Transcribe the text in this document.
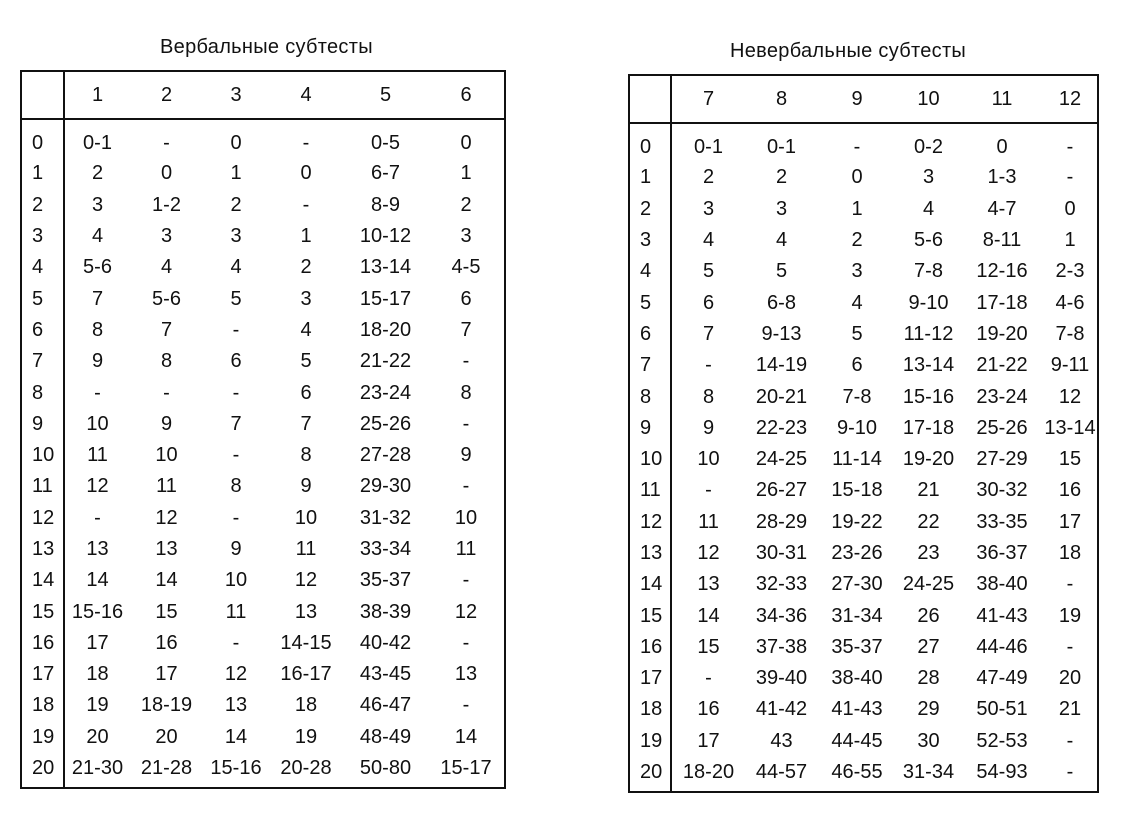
Вербальные субтесты
	1	2	3	4	5	6
0	0-1	-	0	-	0-5	0
1	2	0	1	0	6-7	1
2	3	1-2	2	-	8-9	2
3	4	3	3	1	10-12	3
4	5-6	4	4	2	13-14	4-5
5	7	5-6	5	3	15-17	6
6	8	7	-	4	18-20	7
7	9	8	6	5	21-22	-
8	-	-	-	6	23-24	8
9	10	9	7	7	25-26	-
10	11	10	-	8	27-28	9
11	12	11	8	9	29-30	-
12	-	12	-	10	31-32	10
13	13	13	9	11	33-34	11
14	14	14	10	12	35-37	-
15	15-16	15	11	13	38-39	12
16	17	16	-	14-15	40-42	-
17	18	17	12	16-17	43-45	13
18	19	18-19	13	18	46-47	-
19	20	20	14	19	48-49	14
20	21-30	21-28	15-16	20-28	50-80	15-17
Невербальные субтесты
	7	8	9	10	11	12
0	0-1	0-1	-	0-2	0	-
1	2	2	0	3	1-3	-
2	3	3	1	4	4-7	0
3	4	4	2	5-6	8-11	1
4	5	5	3	7-8	12-16	2-3
5	6	6-8	4	9-10	17-18	4-6
6	7	9-13	5	11-12	19-20	7-8
7	-	14-19	6	13-14	21-22	9-11
8	8	20-21	7-8	15-16	23-24	12
9	9	22-23	9-10	17-18	25-26	13-14
10	10	24-25	11-14	19-20	27-29	15
11	-	26-27	15-18	21	30-32	16
12	11	28-29	19-22	22	33-35	17
13	12	30-31	23-26	23	36-37	18
14	13	32-33	27-30	24-25	38-40	-
15	14	34-36	31-34	26	41-43	19
16	15	37-38	35-37	27	44-46	-
17	-	39-40	38-40	28	47-49	20
18	16	41-42	41-43	29	50-51	21
19	17	43	44-45	30	52-53	-
20	18-20	44-57	46-55	31-34	54-93	-
